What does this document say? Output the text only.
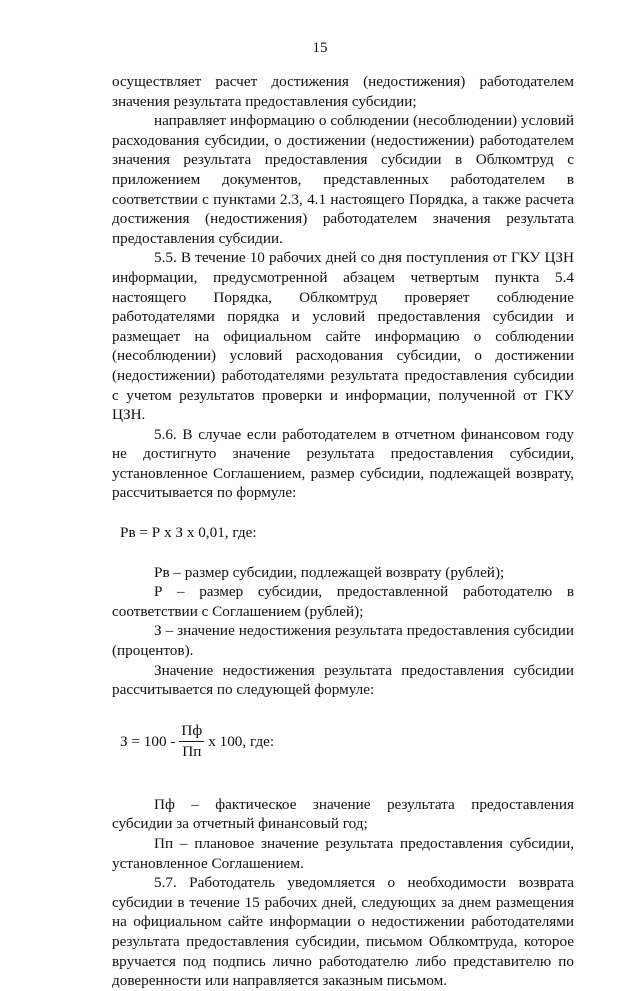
15

осуществляет расчет достижения (недостижения) работодателем значения результата предоставления субсидии;

направляет информацию о соблюдении (несоблюдении) условий расходования субсидии, о достижении (недостижении) работодателем значения результата предоставления субсидии в Облкомтруд с приложением документов, представленных работодателем в соответствии с пунктами 2.3, 4.1 настоящего Порядка, а также расчета достижения (недостижения) работодателем значения результата предоставления субсидии.

5.5. В течение 10 рабочих дней со дня поступления от ГКУ ЦЗН информации, предусмотренной абзацем четвертым пункта 5.4 настоящего Порядка, Облкомтруд проверяет соблюдение работодателями порядка и условий предоставления субсидии и размещает на официальном сайте информацию о соблюдении (несоблюдении) условий расходования субсидии, о достижении (недостижении) работодателями результата предоставления субсидии с учетом результатов проверки и информации, полученной от ГКУ ЦЗН.

5.6. В случае если работодателем в отчетном финансовом году не достигнуто значение результата предоставления субсидии, установленное Соглашением, размер субсидии, подлежащей возврату, рассчитывается по формуле:

Рв = Р x З x 0,01, где:

Рв – размер субсидии, подлежащей возврату (рублей);

Р – размер субсидии, предоставленной работодателю в соответствии с Соглашением (рублей);

З – значение недостижения результата предоставления субсидии (процентов).

Значение недостижения результата предоставления субсидии рассчитывается по следующей формуле:

$З = 100 - \frac{Пф}{Пп}$ x 100, где:

Пф – фактическое значение результата предоставления субсидии за отчетный финансовый год;

Пп – плановое значение результата предоставления субсидии, установленное Соглашением.

5.7. Работодатель уведомляется о необходимости возврата субсидии в течение 15 рабочих дней, следующих за днем размещения на официальном сайте информации о недостижении работодателями результата предоставления субсидии, письмом Облкомтруда, которое вручается под подпись лично работодателю либо представителю по доверенности или направляется заказным письмом.
